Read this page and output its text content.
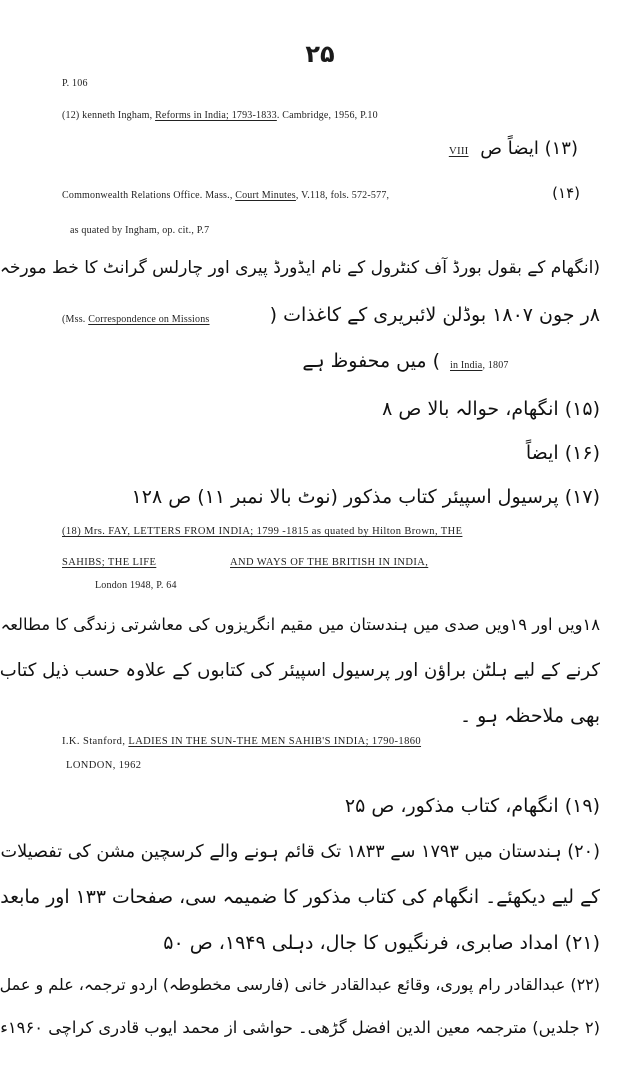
۲۵
P. 106
(12) kenneth Ingham, Reforms in India; 1793-1833. Cambridge, 1956, P.10
(۱۳) ایضاً ص VIII
(۱۴)
Commonwealth Relations Office. Mass., Court Minutes, V.118, fols. 572-577,
as quated by Ingham, op. cit., P.7
(انگھام کے بقول بورڈ آف کنٹرول کے نام ایڈورڈ پیری اور چارلس گرانٹ کا خط مورخہ
۸ر جون ۱۸۰۷ بوڈلن لائبریری کے کاغذات (
(Mss. Correspondence on Missions
in India, 1807
) میں محفوظ ہے
(۱۵) انگھام، حوالہ بالا ص ۸
(۱۶) ایضاً
(۱۷) پرسیول اسپیئر کتاب مذکور (نوٹ بالا نمبر ۱۱) ص ۱۲۸
(18) Mrs. FAY, LETTERS FROM INDIA; 1799 -1815 as quated by Hilton Brown, THE
SAHIBS; THE LIFE	AND WAYS OF THE BRITISH IN INDIA,
London 1948, P. 64
۱۸ویں اور ۱۹ویں صدی میں ہندستان میں مقیم انگریزوں کی معاشرتی زندگی کا مطالعہ
کرنے کے لیے ہلٹن براؤن اور پرسیول اسپیئر کی کتابوں کے علاوہ حسب ذیل کتاب
بھی ملاحظہ ہو ۔
I.K. Stanford, LADIES IN THE SUN-THE MEN SAHIB'S INDIA; 1790-1860
LONDON, 1962
(۱۹) انگھام، کتاب مذکور، ص ۲۵
(۲۰) ہندستان میں ۱۷۹۳ سے ۱۸۳۳ تک قائم ہونے والے کرسچین مشن کی تفصیلات
کے لیے دیکھئے۔ انگھام کی کتاب مذکور کا ضمیمہ سی، صفحات ۱۳۳ اور مابعد
(۲۱) امداد صابری، فرنگیوں کا جال، دہلی ۱۹۴۹، ص ۵۰
(۲۲) عبدالقادر رام پوری، وقائع عبدالقادر خانی (فارسی مخطوطہ) اردو ترجمہ، علم و عمل
(۲ جلدیں) مترجمہ معین الدین افضل گڑھی۔ حواشی از محمد ایوب قادری کراچی ۱۹۶۰ء
